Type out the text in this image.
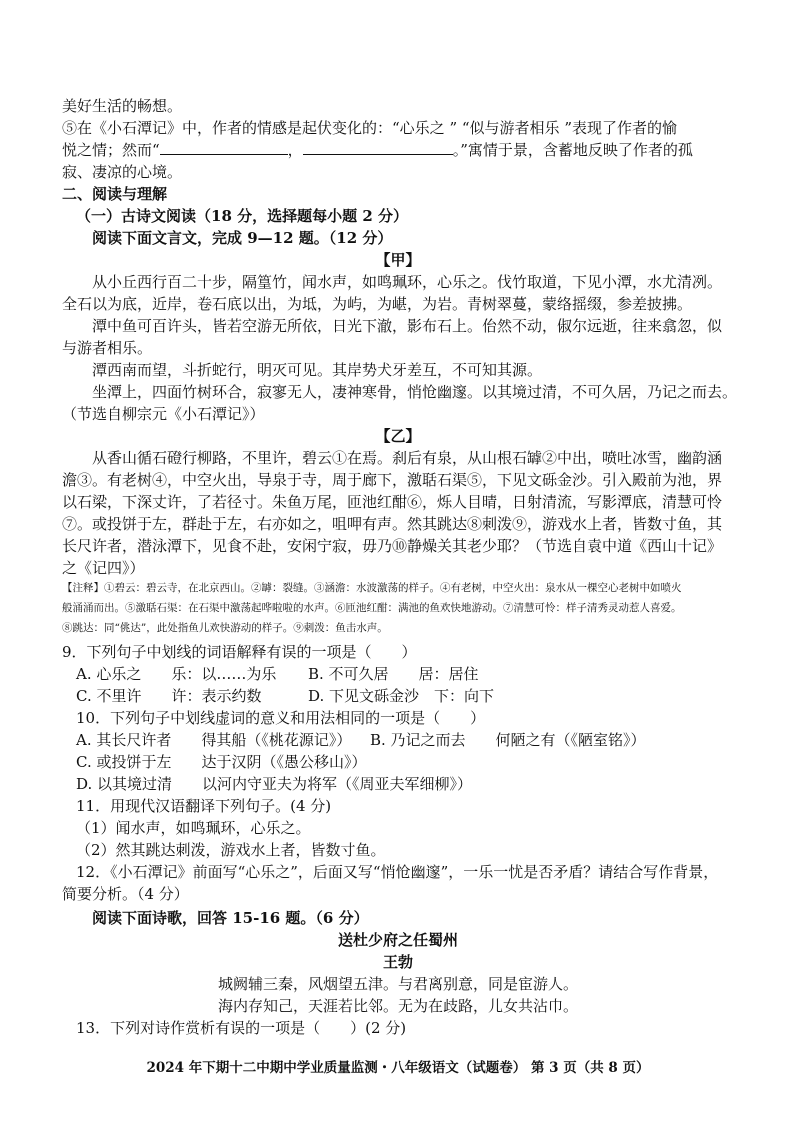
美好生活的畅想。
⑤在《小石潭记》中，作者的情感是起伏变化的：“心乐之 ” “似与游者相乐 ”表现了作者的愉
悦之情；然而“	，	。”寓情于景，含蓄地反映了作者的孤
寂、凄凉的心境。
二、阅读与理解
（一）古诗文阅读（18 分，选择题每小题 2 分）
阅读下面文言文，完成 9—12 题。（12 分）
【甲】
从小丘西行百二十步，隔篁竹，闻水声，如鸣珮环，心乐之。伐竹取道，下见小潭，水尤清冽。
全石以为底，近岸，卷石底以出，为坻，为屿，为嵁，为岩。青树翠蔓，蒙络摇缀，参差披拂。
潭中鱼可百许头，皆若空游无所依，日光下澈，影布石上。佁然不动，俶尔远逝，往来翕忽，似
与游者相乐。
潭西南而望，斗折蛇行，明灭可见。其岸势犬牙差互，不可知其源。
坐潭上，四面竹树环合，寂寥无人，凄神寒骨，悄怆幽邃。以其境过清，不可久居，乃记之而去。
（节选自柳宗元《小石潭记》）
【乙】
从香山循石磴行柳路，不里许，碧云①在焉。刹后有泉，从山根石罅②中出，喷吐冰雪，幽韵涵
澹③。有老树④，中空火出，导泉于寺，周于廊下，激聒石渠⑤，下见文砾金沙。引入殿前为池，界
以石梁，下深丈许，了若径寸。朱鱼万尾，匝池红酣⑥，烁人目晴，日射清流，写影潭底，清慧可怜
⑦。或投饼于左，群赴于左，右亦如之，咀呷有声。然其跳达⑧刺泼⑨，游戏水上者，皆数寸鱼，其
长尺许者，潜泳潭下，见食不赴，安闲宁寂，毋乃⑩静燥关其老少耶？（节选自袁中道《西山十记》
之《记四》）
【注释】①碧云：碧云寺，在北京西山。②罅：裂缝。③涵澹：水波激荡的样子。④有老树，中空火出：泉水从一棵空心老树中如喷火
般涌涌而出。⑤激聒石渠：在石渠中激荡起哗啦啦的水声。⑥匝池红酣：满池的鱼欢快地游动。⑦清慧可怜：样子清秀灵动惹人喜爱。
⑧跳达：同“佻达”，此处指鱼儿欢快游动的样子。⑨刺泼：鱼击水声。
9．下列句子中划线的词语解释有误的一项是（　　）
A. 心乐之　　乐：以……为乐 B. 不可久居　　居：居住
C. 不里许　　许：表示约数	D. 下见文砾金沙　下：向下
10．下列句子中划线虚词的意义和用法相同的一项是（　　）
A. 其长尺许者　　得其船（《桃花源记》） B. 乃记之而去　　何陋之有（《陋室铭》）
C. 或投饼于左　　达于汉阴（《愚公移山》）
D. 以其境过清　　以河内守亚夫为将军（《周亚夫军细柳》）
11．用现代汉语翻译下列句子。(4 分)
（1）闻水声，如鸣珮环，心乐之。
（2）然其跳达刺泼，游戏水上者，皆数寸鱼。
12．《小石潭记》前面写“心乐之”，后面又写“悄怆幽邃”，一乐一忧是否矛盾？请结合写作背景，
简要分析。（4 分）
阅读下面诗歌，回答 15-16 题。（6 分）
送杜少府之任蜀州
王勃
城阙辅三秦，风烟望五津。与君离别意，同是宦游人。
海内存知己，天涯若比邻。无为在歧路，儿女共沾巾。
13．下列对诗作赏析有误的一项是（　　）(2 分)
2024 年下期十二中期中学业质量监测・八年级语文（试题卷） 第 3 页（共 8 页）
